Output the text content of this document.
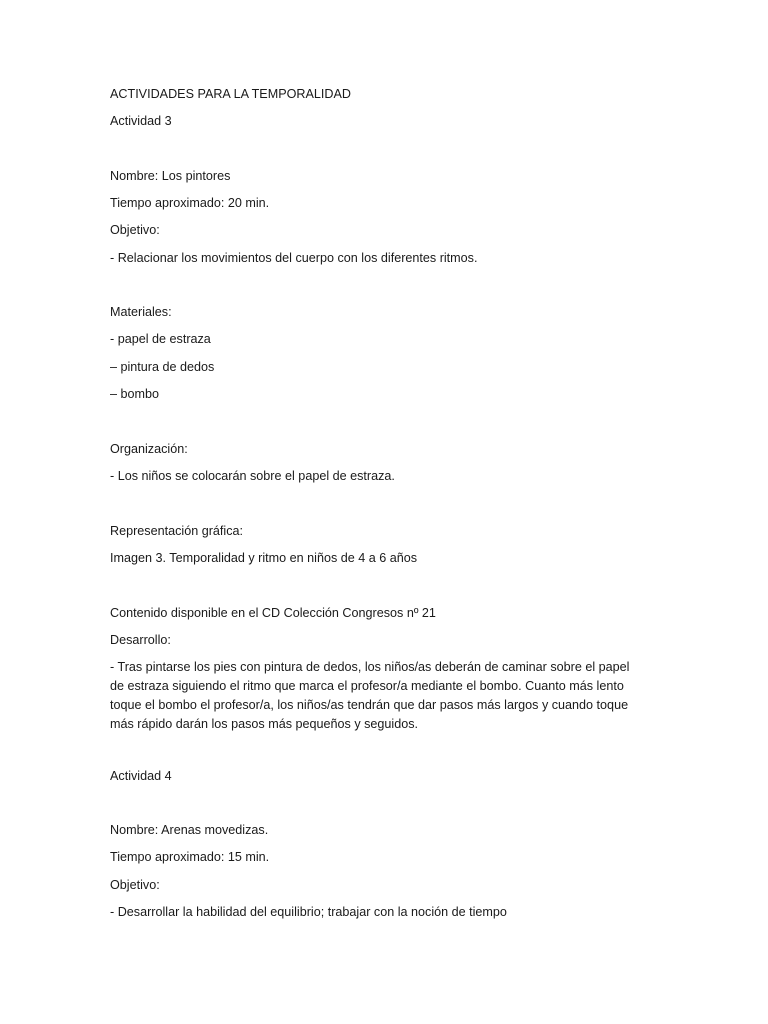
ACTIVIDADES PARA LA TEMPORALIDAD

Actividad 3

Nombre: Los pintores

Tiempo aproximado: 20 min.

Objetivo:

- Relacionar los movimientos del cuerpo con los diferentes ritmos.

Materiales:

- papel de estraza

– pintura de dedos

– bombo

Organización:

- Los niños se colocarán sobre el papel de estraza.

Representación gráfica:

Imagen 3. Temporalidad y ritmo en niños de 4 a 6 años

Contenido disponible en el CD Colección Congresos nº 21

Desarrollo:

- Tras pintarse los pies con pintura de dedos, los niños/as deberán de caminar sobre el papel
de estraza siguiendo el ritmo que marca el profesor/a mediante el bombo. Cuanto más lento
toque el bombo el profesor/a, los niños/as tendrán que dar pasos más largos y cuando toque
más rápido darán los pasos más pequeños y seguidos.

Actividad 4

Nombre: Arenas movedizas.

Tiempo aproximado: 15 min.

Objetivo:

- Desarrollar la habilidad del equilibrio; trabajar con la noción de tiempo
